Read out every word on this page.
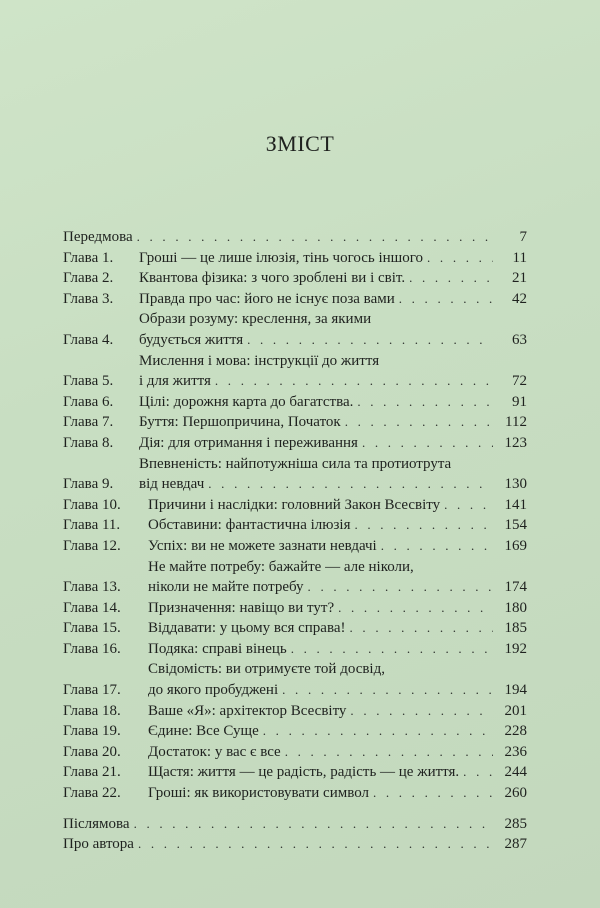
ЗМІСТ
Передмова . . .	7
Глава 1.	Гроші — це лише ілюзія, тінь чогось іншого . . .	11
Глава 2.	Квантова фізика: з чого зроблені ви і світ. . . .	21
Глава 3.	Правда про час: його не існує поза вами . . .	42
Глава 4.
Образи розуму: креслення, за якими
будується життя . . .	63
Глава 5.
Мислення і мова: інструкції до життя
і для життя . . .	72
Глава 6.	Цілі: дорожня карта до багатства. . . .	91
Глава 7.	Буття: Першопричина, Початок . . .	112
Глава 8.	Дія: для отримання і переживання . . .	123
Глава 9.
Впевненість: найпотужніша сила та протиотрута
від невдач . . .	130
Глава 10.	Причини і наслідки: головний Закон Всесвіту . . .	141
Глава 11.	Обставини: фантастична ілюзія . . .	154
Глава 12.	Успіх: ви не можете зазнати невдачі . . .	169
Глава 13.
Не майте потребу: бажайте — але ніколи,
ніколи не майте потребу . . .	174
Глава 14.	Призначення: навіщо ви тут? . . .	180
Глава 15.	Віддавати: у цьому вся справа! . . .	185
Глава 16.	Подяка: справі вінець . . .	192
Глава 17.
Свідомість: ви отримуєте той досвід,
до якого пробуджені . . .	194
Глава 18.	Ваше «Я»: архітектор Всесвіту . . .	201
Глава 19.	Єдине: Все Суще . . .	228
Глава 20.	Достаток: у вас є все . . .	236
Глава 21.	Щастя: життя — це радість, радість — це життя. . . .	244
Глава 22.	Гроші: як використовувати символ . . .	260
Післямова . . .	285
Про автора . . .	287
